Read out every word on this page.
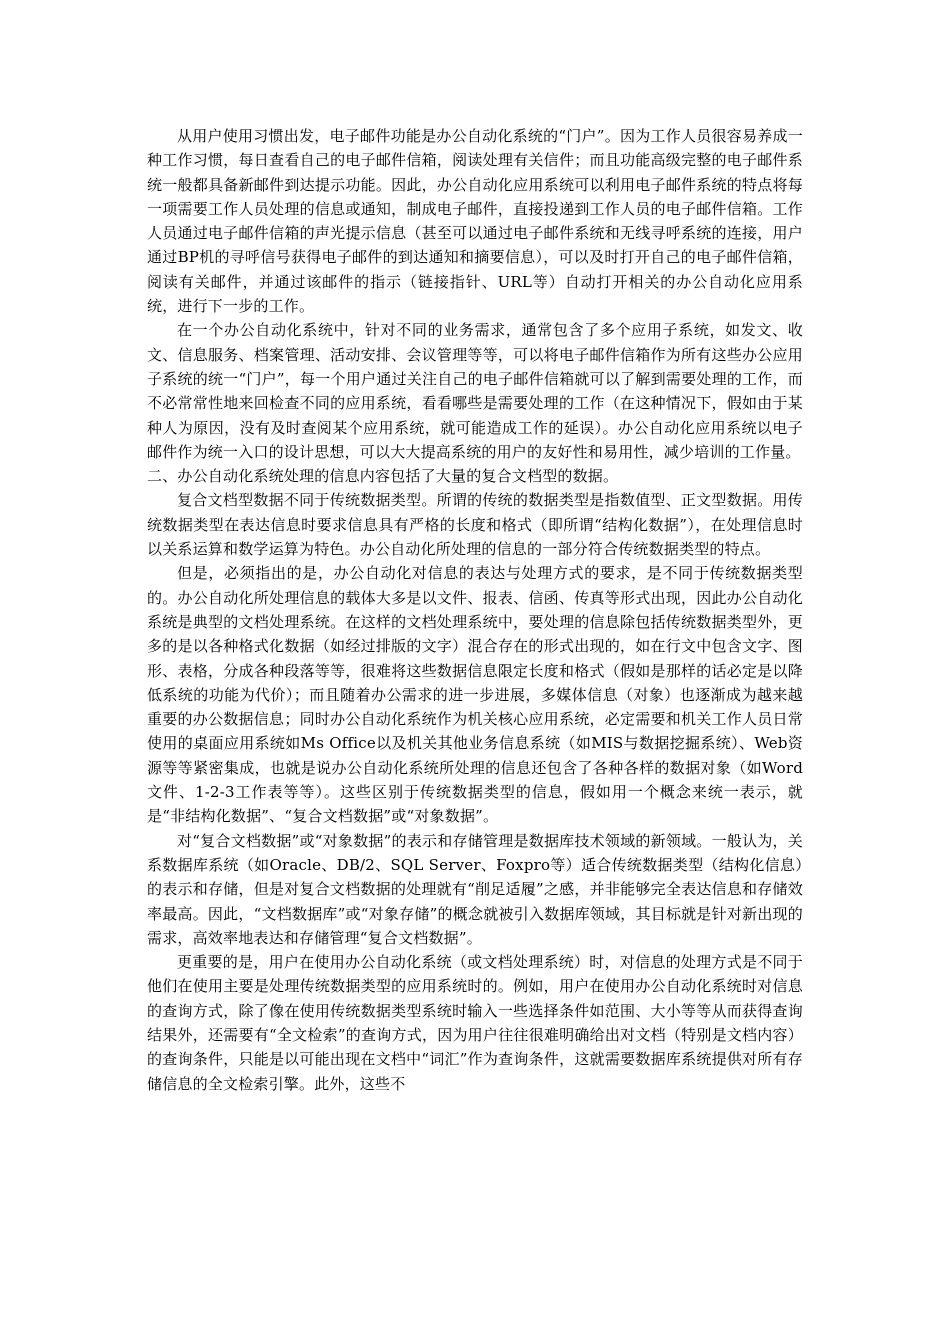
从用户使用习惯出发，电子邮件功能是办公自动化系统的“门户”。因为工作人员很容易养成一种工作习惯，每日查看自己的电子邮件信箱，阅读处理有关信件；而且功能高级完整的电子邮件系统一般都具备新邮件到达提示功能。因此，办公自动化应用系统可以利用电子邮件系统的特点将每一项需要工作人员处理的信息或通知，制成电子邮件，直接投递到工作人员的电子邮件信箱。工作人员通过电子邮件信箱的声光提示信息（甚至可以通过电子邮件系统和无线寻呼系统的连接，用户通过BP机的寻呼信号获得电子邮件的到达通知和摘要信息），可以及时打开自己的电子邮件信箱，阅读有关邮件，并通过该邮件的指示（链接指针、URL等）自动打开相关的办公自动化应用系统，进行下一步的工作。

在一个办公自动化系统中，针对不同的业务需求，通常包含了多个应用子系统，如发文、收文、信息服务、档案管理、活动安排、会议管理等等，可以将电子邮件信箱作为所有这些办公应用子系统的统一“门户”，每一个用户通过关注自己的电子邮件信箱就可以了解到需要处理的工作，而不必常常性地来回检查不同的应用系统，看看哪些是需要处理的工作（在这种情况下，假如由于某种人为原因，没有及时查阅某个应用系统，就可能造成工作的延误）。办公自动化应用系统以电子邮件作为统一入口的设计思想，可以大大提高系统的用户的友好性和易用性，减少培训的工作量。

二、办公自动化系统处理的信息内容包括了大量的复合文档型的数据。

复合文档型数据不同于传统数据类型。所谓的传统的数据类型是指数值型、正文型数据。用传统数据类型在表达信息时要求信息具有严格的长度和格式（即所谓“结构化数据”），在处理信息时以关系运算和数学运算为特色。办公自动化所处理的信息的一部分符合传统数据类型的特点。

但是，必须指出的是，办公自动化对信息的表达与处理方式的要求，是不同于传统数据类型的。办公自动化所处理信息的载体大多是以文件、报表、信函、传真等形式出现，因此办公自动化系统是典型的文档处理系统。在这样的文档处理系统中，要处理的信息除包括传统数据类型外，更多的是以各种格式化数据（如经过排版的文字）混合存在的形式出现的，如在行文中包含文字、图形、表格，分成各种段落等等，很难将这些数据信息限定长度和格式（假如是那样的话必定是以降低系统的功能为代价）；而且随着办公需求的进一步进展，多媒体信息（对象）也逐渐成为越来越重要的办公数据信息；同时办公自动化系统作为机关核心应用系统，必定需要和机关工作人员日常使用的桌面应用系统如Ms Office以及机关其他业务信息系统（如MIS与数据挖掘系统）、Web资源等等紧密集成，也就是说办公自动化系统所处理的信息还包含了各种各样的数据对象（如Word文件、1-2-3工作表等等）。这些区别于传统数据类型的信息，假如用一个概念来统一表示，就是“非结构化数据”、“复合文档数据”或“对象数据”。

对“复合文档数据”或“对象数据”的表示和存储管理是数据库技术领域的新领域。一般认为，关系数据库系统（如Oracle、DB/2、SQL Server、Foxpro等）适合传统数据类型（结构化信息）的表示和存储，但是对复合文档数据的处理就有“削足适履”之感，并非能够完全表达信息和存储效率最高。因此，“文档数据库”或“对象存储”的概念就被引入数据库领域，其目标就是针对新出现的需求，高效率地表达和存储管理“复合文档数据”。

更重要的是，用户在使用办公自动化系统（或文档处理系统）时，对信息的处理方式是不同于他们在使用主要是处理传统数据类型的应用系统时的。例如，用户在使用办公自动化系统时对信息的查询方式，除了像在使用传统数据类型系统时输入一些选择条件如范围、大小等等从而获得查询结果外，还需要有“全文检索”的查询方式，因为用户往往很难明确给出对文档（特别是文档内容）的查询条件，只能是以可能出现在文档中“词汇”作为查询条件，这就需要数据库系统提供对所有存储信息的全文检索引擎。此外，这些不
